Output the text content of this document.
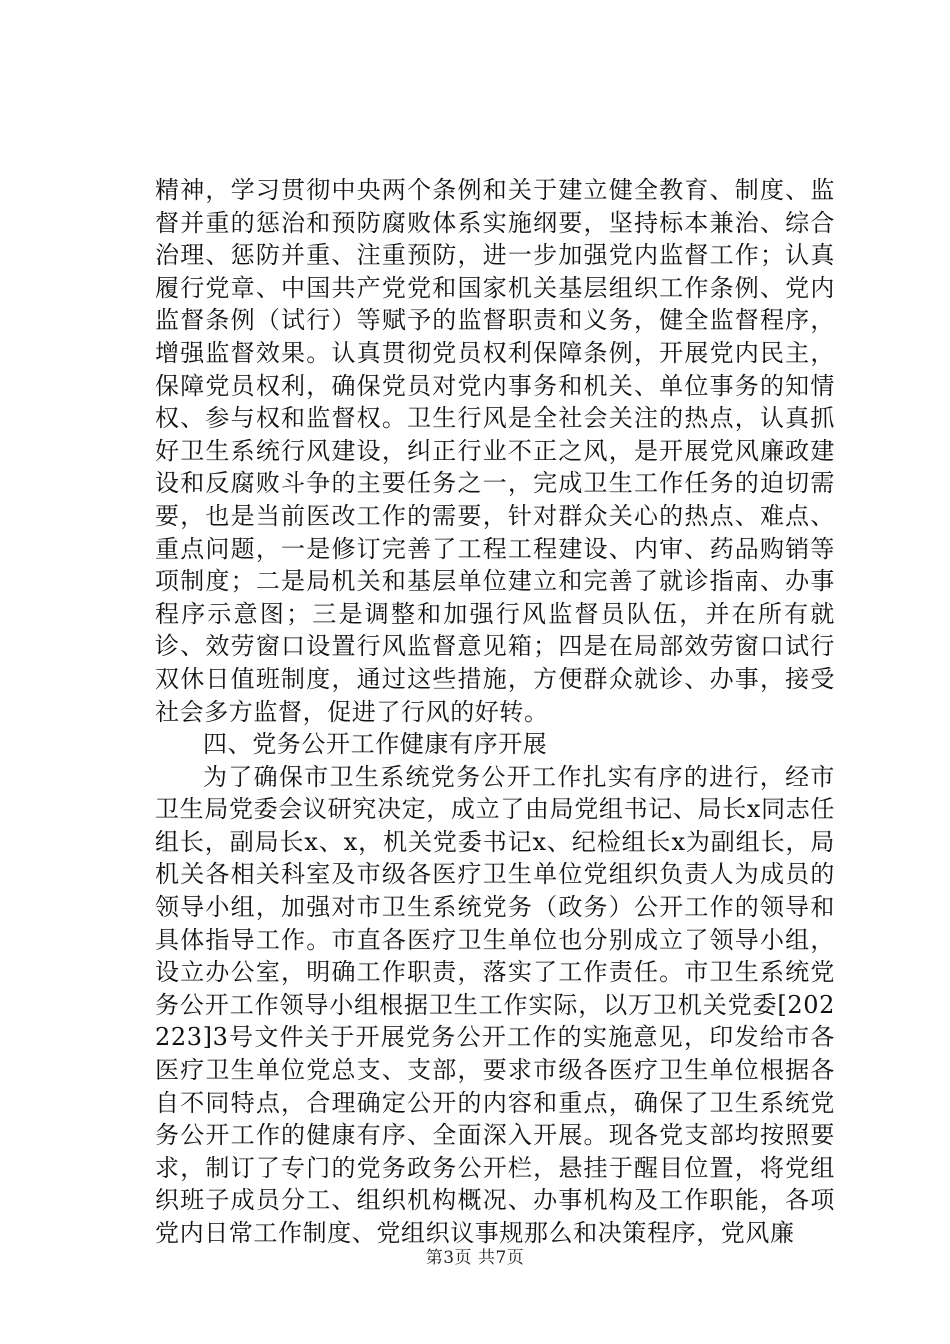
精神，学习贯彻中央两个条例和关于建立健全教育、制度、监督并重的惩治和预防腐败体系实施纲要，坚持标本兼治、综合治理、惩防并重、注重预防，进一步加强党内监督工作；认真履行党章、中国共产党党和国家机关基层组织工作条例、党内监督条例（试行）等赋予的监督职责和义务，健全监督程序，增强监督效果。认真贯彻党员权利保障条例，开展党内民主，保障党员权利，确保党员对党内事务和机关、单位事务的知情权、参与权和监督权。卫生行风是全社会关注的热点，认真抓好卫生系统行风建设，纠正行业不正之风，是开展党风廉政建设和反腐败斗争的主要任务之一，完成卫生工作任务的迫切需要，也是当前医改工作的需要，针对群众关心的热点、难点、重点问题，一是修订完善了工程工程建设、内审、药品购销等项制度；二是局机关和基层单位建立和完善了就诊指南、办事程序示意图；三是调整和加强行风监督员队伍，并在所有就诊、效劳窗口设置行风监督意见箱；四是在局部效劳窗口试行双休日值班制度，通过这些措施，方便群众就诊、办事，接受社会多方监督，促进了行风的好转。

四、党务公开工作健康有序开展

为了确保市卫生系统党务公开工作扎实有序的进行，经市卫生局党委会议研究决定，成立了由局党组书记、局长x同志任组长，副局长x、x，机关党委书记x、纪检组长x为副组长，局机关各相关科室及市级各医疗卫生单位党组织负责人为成员的领导小组，加强对市卫生系统党务（政务）公开工作的领导和具体指导工作。市直各医疗卫生单位也分别成立了领导小组，设立办公室，明确工作职责，落实了工作责任。市卫生系统党务公开工作领导小组根据卫生工作实际，以万卫机关党委[202223]3号文件关于开展党务公开工作的实施意见，印发给市各医疗卫生单位党总支、支部，要求市级各医疗卫生单位根据各自不同特点，合理确定公开的内容和重点，确保了卫生系统党务公开工作的健康有序、全面深入开展。现各党支部均按照要求，制订了专门的党务政务公开栏，悬挂于醒目位置，将党组织班子成员分工、组织机构概况、办事机构及工作职能，各项党内日常工作制度、党组织议事规那么和决策程序，党风廉

第3页 共7页
